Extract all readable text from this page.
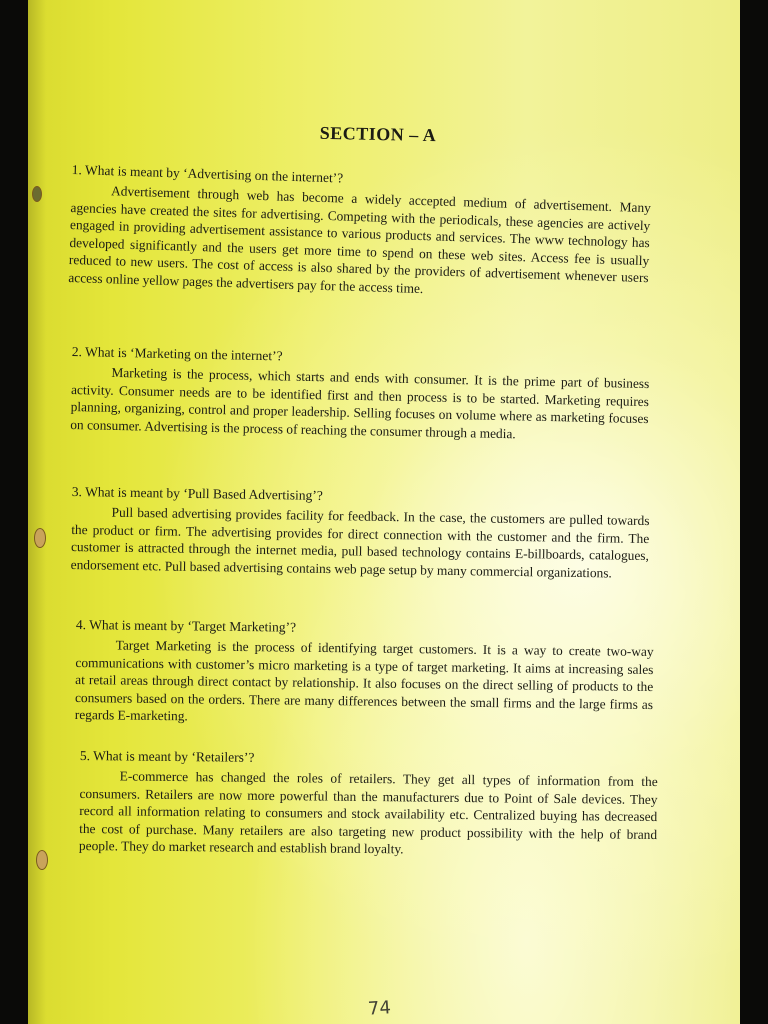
SECTION – A

1. What is meant by ‘Advertising on the internet’?

Advertisement through web has become a widely accepted medium of advertisement. Many agencies have created the sites for advertising. Competing with the periodicals, these agencies are actively engaged in providing advertisement assistance to various products and services. The www technology has developed significantly and the users get more time to spend on these web sites. Access fee is usually reduced to new users. The cost of access is also shared by the providers of advertisement whenever users access online yellow pages the advertisers pay for the access time.

2. What is ‘Marketing on the internet’?

Marketing is the process, which starts and ends with consumer. It is the prime part of business activity. Consumer needs are to be identified first and then process is to be started. Marketing requires planning, organizing, control and proper leadership. Selling focuses on volume where as marketing focuses on consumer. Advertising is the process of reaching the consumer through a media.

3. What is meant by ‘Pull Based Advertising’?

Pull based advertising provides facility for feedback. In the case, the customers are pulled towards the product or firm. The advertising provides for direct connection with the customer and the firm. The customer is attracted through the internet media, pull based technology contains E-billboards, catalogues, endorsement etc. Pull based advertising contains web page setup by many commercial organizations.

4. What is meant by ‘Target Marketing’?

Target Marketing is the process of identifying target customers. It is a way to create two-way communications with customer’s micro marketing is a type of target marketing. It aims at increasing sales at retail areas through direct contact by relationship. It also focuses on the direct selling of products to the consumers based on the orders. There are many differences between the small firms and the large firms as regards E-marketing.

5. What is meant by ‘Retailers’?

E-commerce has changed the roles of retailers. They get all types of information from the consumers. Retailers are now more powerful than the manufacturers due to Point of Sale devices. They record all information relating to consumers and stock availability etc. Centralized buying has decreased the cost of purchase. Many retailers are also targeting new product possibility with the help of brand people. They do market research and establish brand loyalty.

74
